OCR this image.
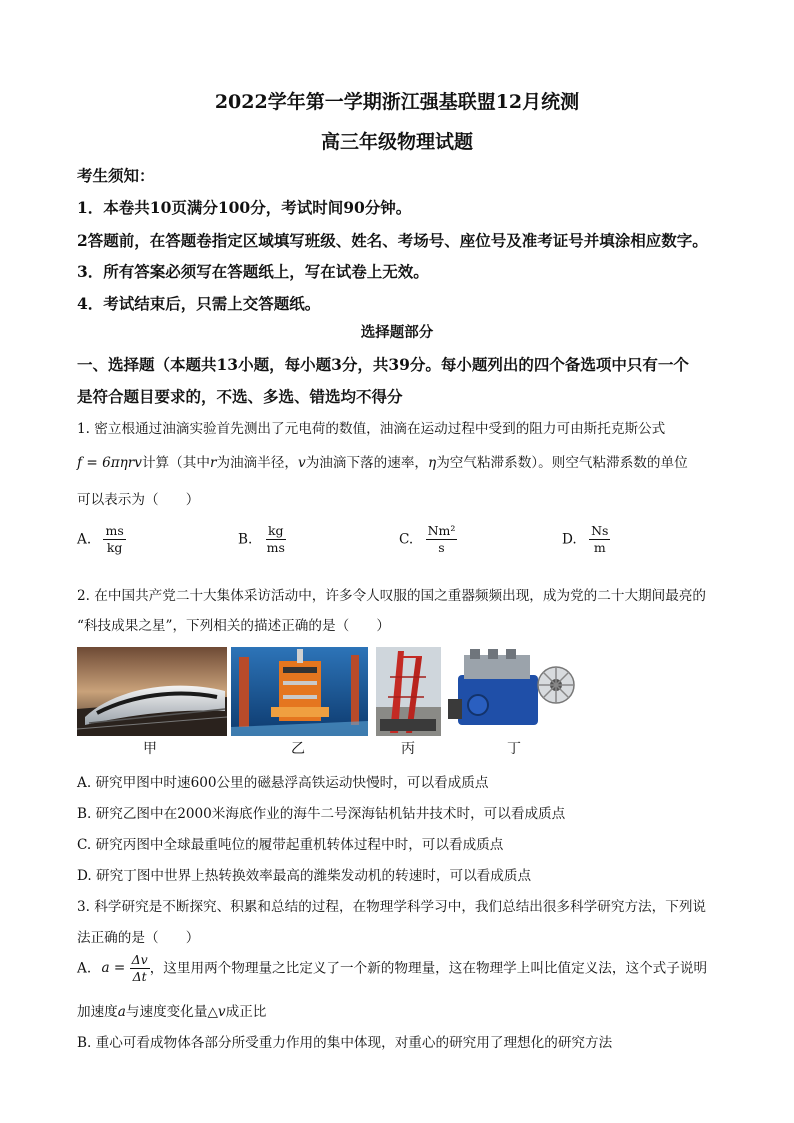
2022学年第一学期浙江强基联盟12月统测
高三年级物理试题
考生须知：
1．本卷共10页满分100分，考试时间90分钟。
2答题前，在答题卷指定区域填写班级、姓名、考场号、座位号及准考证号并填涂相应数字。
3．所有答案必须写在答题纸上，写在试卷上无效。
4．考试结束后，只需上交答题纸。
选择题部分
一、选择题（本题共13小题，每小题3分，共39分。每小题列出的四个备选项中只有一个
是符合题目要求的，不选、多选、错选均不得分
1. 密立根通过油滴实验首先测出了元电荷的数值，油滴在运动过程中受到的阻力可由斯托克斯公式
f = 6πηrv计算（其中r为油滴半径，v为油滴下落的速率，η为空气粘滞系数）。则空气粘滞系数的单位
可以表示为（　　）
A. $\frac{ms}{kg}$	B. $\frac{kg}{ms}$	C. $\frac{\text{Nm²}}{s}$	D. $\frac{Ns}{m}$
2. 在中国共产党二十大集体采访活动中，许多令人叹服的国之重器频频出现，成为党的二十大期间最亮的
“科技成果之星”，下列相关的描述正确的是（　　）
甲	乙	丙	丁
A. 研究甲图中时速600公里的磁悬浮高铁运动快慢时，可以看成质点
B. 研究乙图中在2000米海底作业的海牛二号深海钻机钻井技术时，可以看成质点
C. 研究丙图中全球最重吨位的履带起重机转体过程中时，可以看成质点
D. 研究丁图中世界上热转换效率最高的潍柴发动机的转速时，可以看成质点
3. 科学研究是不断探究、积累和总结的过程，在物理学科学习中，我们总结出很多科学研究方法，下列说
法正确的是（　　）
A. $a = \frac{\Delta v}{\Delta t}$ ，这里用两个物理量之比定义了一个新的物理量，这在物理学上叫比值定义法，这个式子说明
加速度a与速度变化量△v成正比
B. 重心可看成物体各部分所受重力作用的集中体现，对重心的研究用了理想化的研究方法
